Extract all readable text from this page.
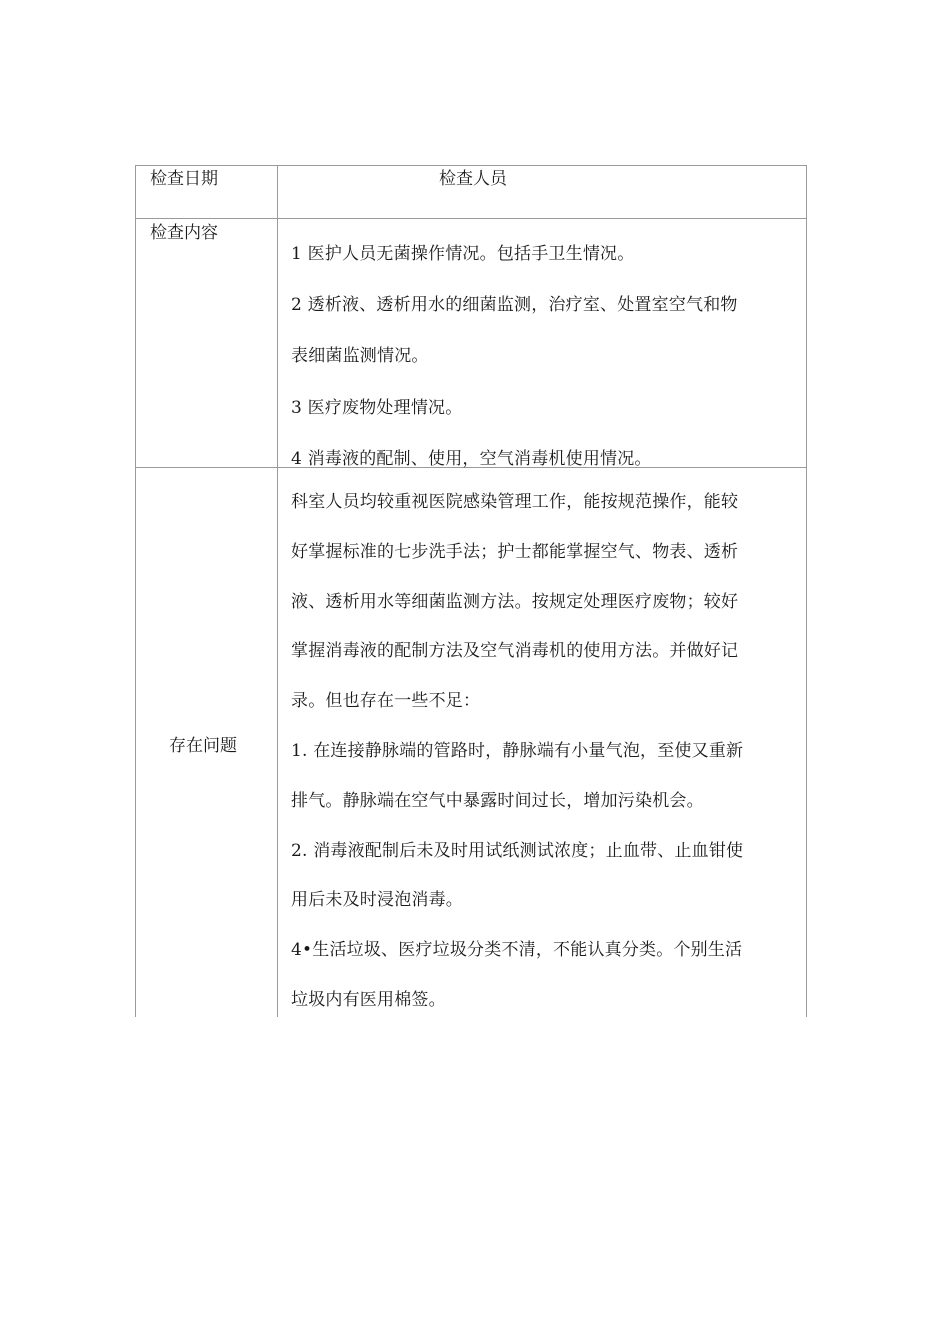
检查日期	检查人员
检查内容
1 医护人员无菌操作情况。包括手卫生情况。
2 透析液、透析用水的细菌监测，治疗室、处置室空气和物
表细菌监测情况。
3 医疗废物处理情况。
4 消毒液的配制、使用，空气消毒机使用情况。
存在问题
科室人员均较重视医院感染管理工作，能按规范操作，能较
好掌握标准的七步洗手法；护士都能掌握空气、物表、透析
液、透析用水等细菌监测方法。按规定处理医疗废物；较好
掌握消毒液的配制方法及空气消毒机的使用方法。并做好记
录。但也存在一些不足：
1. 在连接静脉端的管路时，静脉端有小量气泡，至使又重新
排气。静脉端在空气中暴露时间过长，增加污染机会。
2. 消毒液配制后未及时用试纸测试浓度；止血带、止血钳使
用后未及时浸泡消毒。
4•生活垃圾、医疗垃圾分类不清，不能认真分类。个别生活
垃圾内有医用棉签。
